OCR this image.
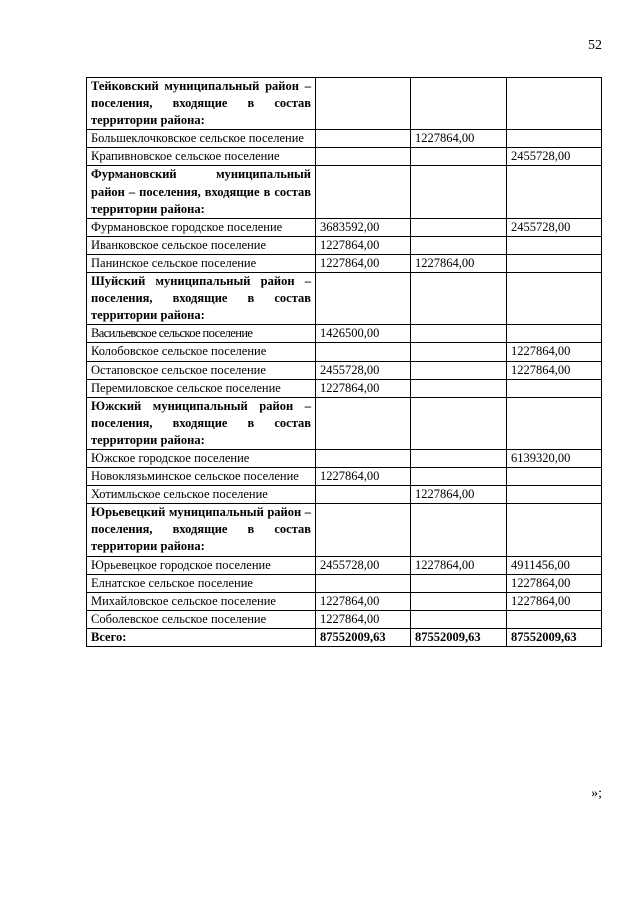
52
Тейковский муниципальный район – поселения, входящие в состав территории района:			
Большеклочковское сельское поселение		1227864,00	
Крапивновское сельское поселение			2455728,00
Фурмановский муниципальный район – поселения, входящие в состав территории района:			
Фурмановское городское поселение	3683592,00		2455728,00
Иванковское сельское поселение	1227864,00		
Панинское сельское поселение	1227864,00	1227864,00	
Шуйский муниципальный район – поселения, входящие в состав территории района:			
Васильевское сельское поселение	1426500,00		
Колобовское сельское поселение			1227864,00
Остаповское сельское поселение	2455728,00		1227864,00
Перемиловское сельское поселение	1227864,00		
Южский муниципальный район – поселения, входящие в состав территории района:			
Южское городское поселение			6139320,00
Новоклязьминское сельское поселение	1227864,00		
Хотимльское сельское поселение		1227864,00	
Юрьевецкий муниципальный район – поселения, входящие в состав территории района:			
Юрьевецкое городское поселение	2455728,00	1227864,00	4911456,00
Елнатское сельское поселение			1227864,00
Михайловское сельское поселение	1227864,00		1227864,00
Соболевское сельское поселение	1227864,00		
Всего:	87552009,63	87552009,63	87552009,63
»;
